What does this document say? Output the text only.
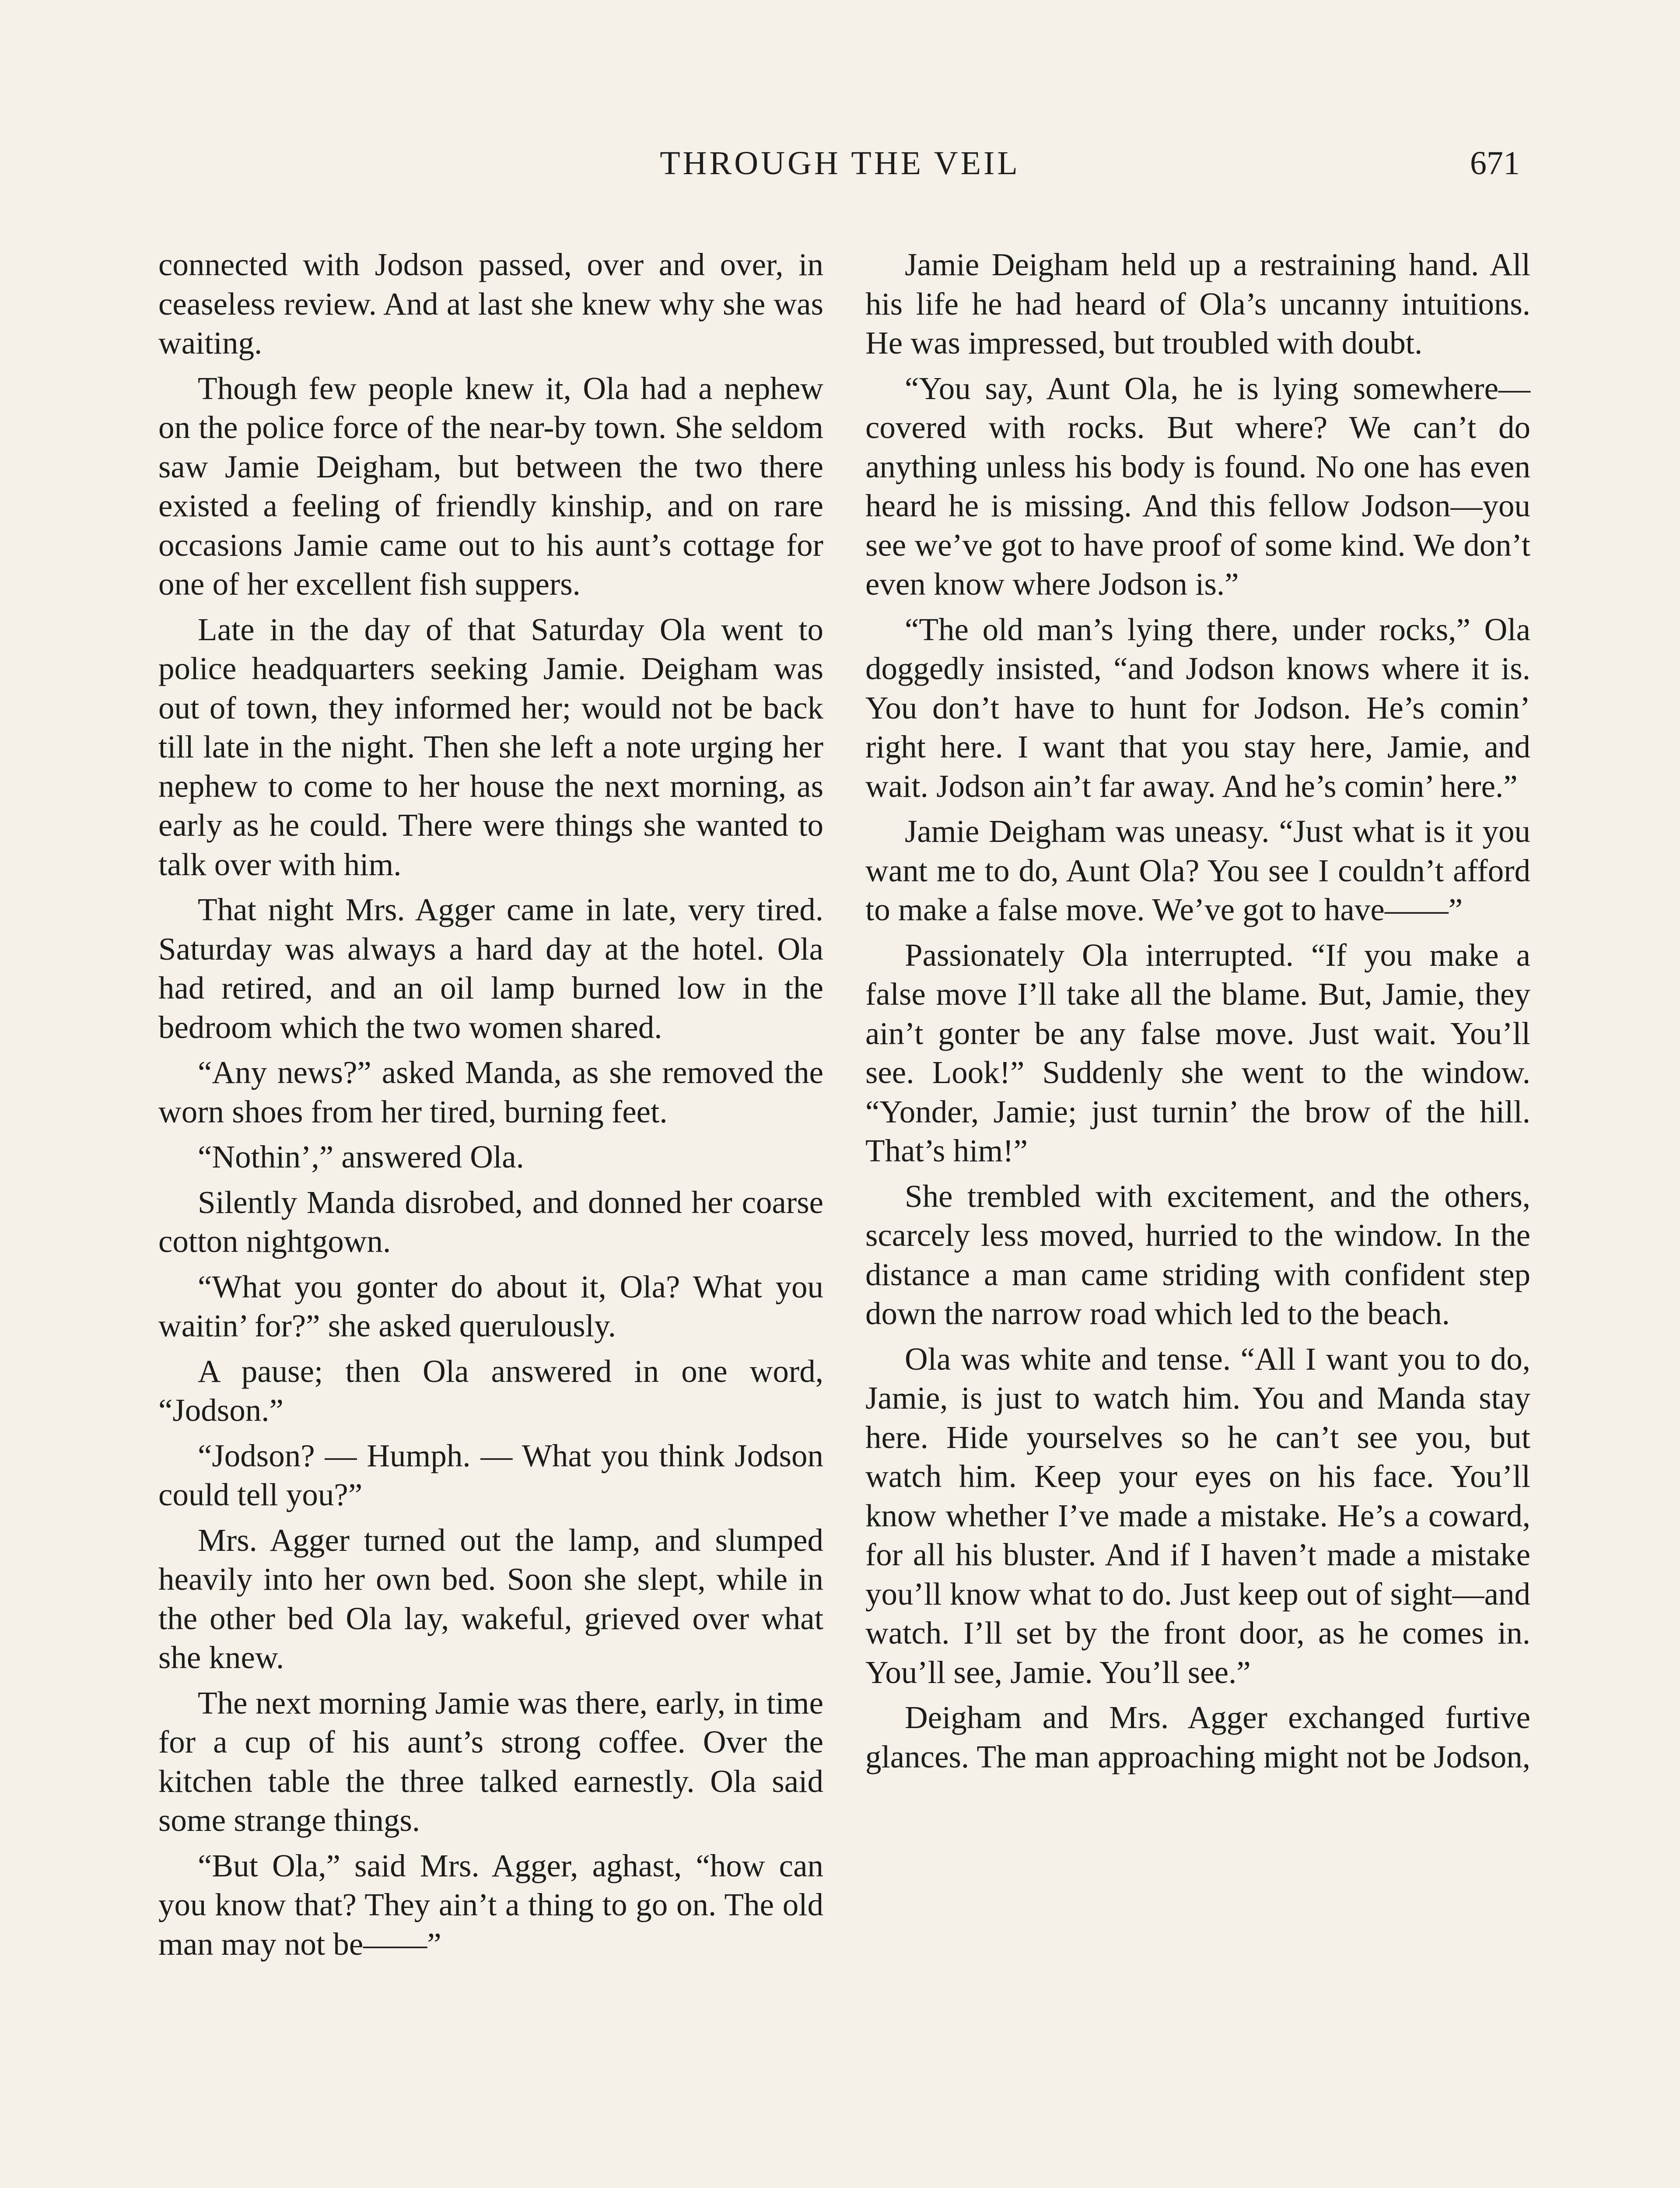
THROUGH THE VEIL	671

connected with Jodson passed, over and over, in ceaseless review. And at last she knew why she was waiting.

Though few people knew it, Ola had a nephew on the police force of the near-by town. She seldom saw Jamie Deigham, but between the two there existed a feeling of friendly kinship, and on rare occasions Jamie came out to his aunt’s cottage for one of her excellent fish suppers.

Late in the day of that Saturday Ola went to police headquarters seeking Jamie. Deigham was out of town, they informed her; would not be back till late in the night. Then she left a note urging her nephew to come to her house the next morning, as early as he could. There were things she wanted to talk over with him.

That night Mrs. Agger came in late, very tired. Saturday was always a hard day at the hotel. Ola had retired, and an oil lamp burned low in the bedroom which the two women shared.

“Any news?” asked Manda, as she removed the worn shoes from her tired, burning feet.

“Nothin’,” answered Ola.

Silently Manda disrobed, and donned her coarse cotton nightgown.

“What you gonter do about it, Ola? What you waitin’ for?” she asked querulously.

A pause; then Ola answered in one word, “Jodson.”

“Jodson? — Humph. — What you think Jodson could tell you?”

Mrs. Agger turned out the lamp, and slumped heavily into her own bed. Soon she slept, while in the other bed Ola lay, wakeful, grieved over what she knew.

The next morning Jamie was there, early, in time for a cup of his aunt’s strong coffee. Over the kitchen table the three talked earnestly. Ola said some strange things.

“But Ola,” said Mrs. Agger, aghast, “how can you know that? They ain’t a thing to go on. The old man may not be——”

Jamie Deigham held up a restraining hand. All his life he had heard of Ola’s uncanny intuitions. He was impressed, but troubled with doubt.

“You say, Aunt Ola, he is lying somewhere—covered with rocks. But where? We can’t do anything unless his body is found. No one has even heard he is missing. And this fellow Jodson—you see we’ve got to have proof of some kind. We don’t even know where Jodson is.”

“The old man’s lying there, under rocks,” Ola doggedly insisted, “and Jodson knows where it is. You don’t have to hunt for Jodson. He’s comin’ right here. I want that you stay here, Jamie, and wait. Jodson ain’t far away. And he’s comin’ here.”

Jamie Deigham was uneasy. “Just what is it you want me to do, Aunt Ola? You see I couldn’t afford to make a false move. We’ve got to have——”

Passionately Ola interrupted. “If you make a false move I’ll take all the blame. But, Jamie, they ain’t gonter be any false move. Just wait. You’ll see. Look!” Suddenly she went to the window. “Yonder, Jamie; just turnin’ the brow of the hill. That’s him!”

She trembled with excitement, and the others, scarcely less moved, hurried to the window. In the distance a man came striding with confident step down the narrow road which led to the beach.

Ola was white and tense. “All I want you to do, Jamie, is just to watch him. You and Manda stay here. Hide yourselves so he can’t see you, but watch him. Keep your eyes on his face. You’ll know whether I’ve made a mistake. He’s a coward, for all his bluster. And if I haven’t made a mistake you’ll know what to do. Just keep out of sight—and watch. I’ll set by the front door, as he comes in. You’ll see, Jamie. You’ll see.”

Deigham and Mrs. Agger exchanged furtive glances. The man approaching might not be Jodson,
